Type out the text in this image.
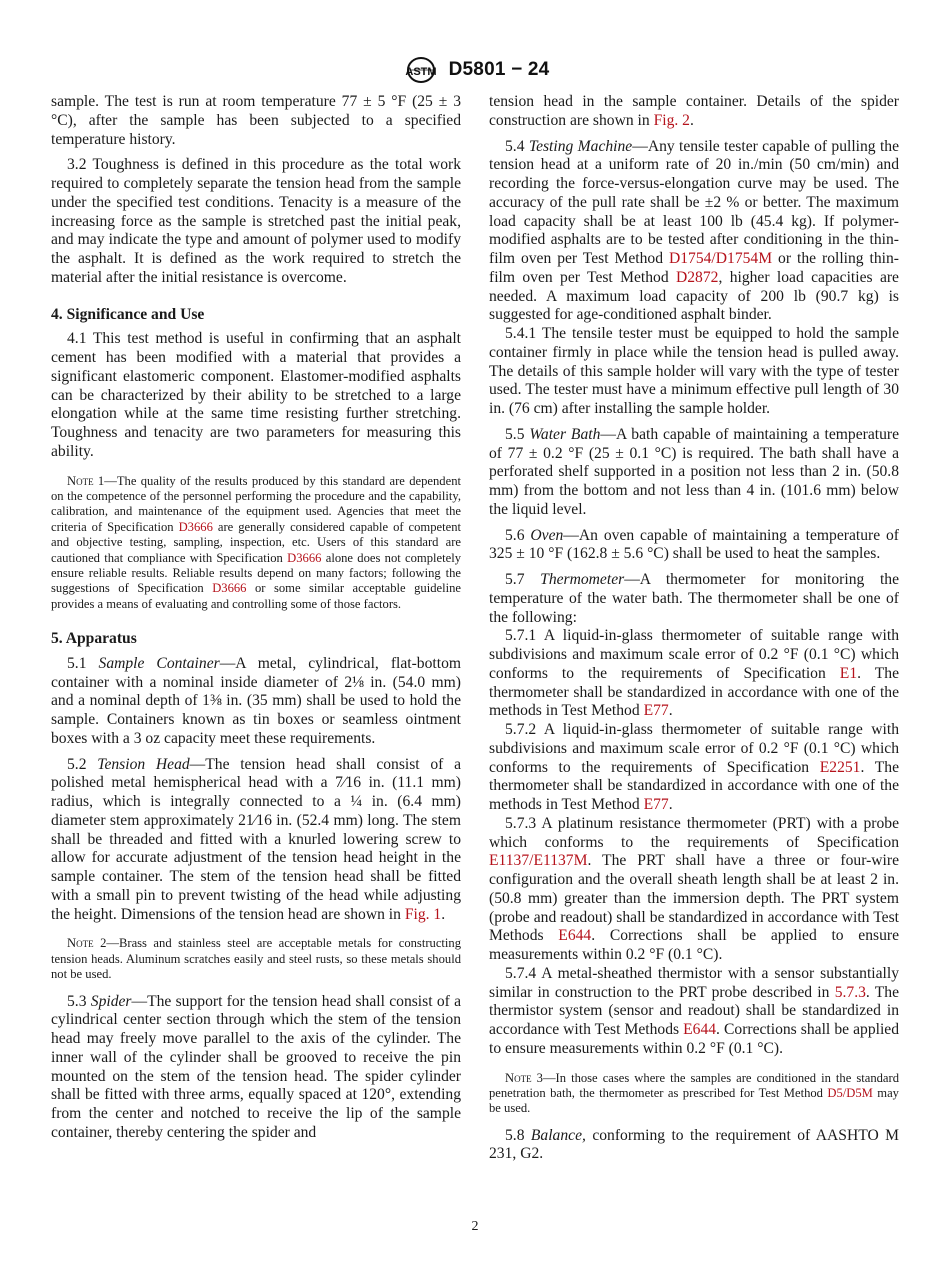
ASTM D5801 − 24

sample. The test is run at room temperature 77 ± 5 °F (25 ± 3 °C), after the sample has been subjected to a specified temperature history.

3.2 Toughness is defined in this procedure as the total work required to completely separate the tension head from the sample under the specified test conditions. Tenacity is a measure of the increasing force as the sample is stretched past the initial peak, and may indicate the type and amount of polymer used to modify the asphalt. It is defined as the work required to stretch the material after the initial resistance is overcome.

4. Significance and Use

4.1 This test method is useful in confirming that an asphalt cement has been modified with a material that provides a significant elastomeric component. Elastomer-modified asphalts can be characterized by their ability to be stretched to a large elongation while at the same time resisting further stretching. Toughness and tenacity are two parameters for measuring this ability.

Note 1—The quality of the results produced by this standard are dependent on the competence of the personnel performing the procedure and the capability, calibration, and maintenance of the equipment used. Agencies that meet the criteria of Specification D3666 are generally considered capable of competent and objective testing, sampling, inspection, etc. Users of this standard are cautioned that compliance with Specification D3666 alone does not completely ensure reliable results. Reliable results depend on many factors; following the suggestions of Specification D3666 or some similar acceptable guideline provides a means of evaluating and controlling some of those factors.

5. Apparatus

5.1 Sample Container—A metal, cylindrical, flat-bottom container with a nominal inside diameter of 2⅛ in. (54.0 mm) and a nominal depth of 1⅜ in. (35 mm) shall be used to hold the sample. Containers known as tin boxes or seamless ointment boxes with a 3 oz capacity meet these requirements.

5.2 Tension Head—The tension head shall consist of a polished metal hemispherical head with a 7⁄16 in. (11.1 mm) radius, which is integrally connected to a ¼ in. (6.4 mm) diameter stem approximately 21⁄16 in. (52.4 mm) long. The stem shall be threaded and fitted with a knurled lowering screw to allow for accurate adjustment of the tension head height in the sample container. The stem of the tension head shall be fitted with a small pin to prevent twisting of the head while adjusting the height. Dimensions of the tension head are shown in Fig. 1.

Note 2—Brass and stainless steel are acceptable metals for constructing tension heads. Aluminum scratches easily and steel rusts, so these metals should not be used.

5.3 Spider—The support for the tension head shall consist of a cylindrical center section through which the stem of the tension head may freely move parallel to the axis of the cylinder. The inner wall of the cylinder shall be grooved to receive the pin mounted on the stem of the tension head. The spider cylinder shall be fitted with three arms, equally spaced at 120°, extending from the center and notched to receive the lip of the sample container, thereby centering the spider and

tension head in the sample container. Details of the spider construction are shown in Fig. 2.

5.4 Testing Machine—Any tensile tester capable of pulling the tension head at a uniform rate of 20 in./min (50 cm/min) and recording the force-versus-elongation curve may be used. The accuracy of the pull rate shall be ±2 % or better. The maximum load capacity shall be at least 100 lb (45.4 kg). If polymer-modified asphalts are to be tested after conditioning in the thin-film oven per Test Method D1754/D1754M or the rolling thin-film oven per Test Method D2872, higher load capacities are needed. A maximum load capacity of 200 lb (90.7 kg) is suggested for age-conditioned asphalt binder.

5.4.1 The tensile tester must be equipped to hold the sample container firmly in place while the tension head is pulled away. The details of this sample holder will vary with the type of tester used. The tester must have a minimum effective pull length of 30 in. (76 cm) after installing the sample holder.

5.5 Water Bath—A bath capable of maintaining a temperature of 77 ± 0.2 °F (25 ± 0.1 °C) is required. The bath shall have a perforated shelf supported in a position not less than 2 in. (50.8 mm) from the bottom and not less than 4 in. (101.6 mm) below the liquid level.

5.6 Oven—An oven capable of maintaining a temperature of 325 ± 10 °F (162.8 ± 5.6 °C) shall be used to heat the samples.

5.7 Thermometer—A thermometer for monitoring the temperature of the water bath. The thermometer shall be one of the following:

5.7.1 A liquid-in-glass thermometer of suitable range with subdivisions and maximum scale error of 0.2 °F (0.1 °C) which conforms to the requirements of Specification E1. The thermometer shall be standardized in accordance with one of the methods in Test Method E77.

5.7.2 A liquid-in-glass thermometer of suitable range with subdivisions and maximum scale error of 0.2 °F (0.1 °C) which conforms to the requirements of Specification E2251. The thermometer shall be standardized in accordance with one of the methods in Test Method E77.

5.7.3 A platinum resistance thermometer (PRT) with a probe which conforms to the requirements of Specification E1137/E1137M. The PRT shall have a three or four-wire configuration and the overall sheath length shall be at least 2 in. (50.8 mm) greater than the immersion depth. The PRT system (probe and readout) shall be standardized in accordance with Test Methods E644. Corrections shall be applied to ensure measurements within 0.2 °F (0.1 °C).

5.7.4 A metal-sheathed thermistor with a sensor substantially similar in construction to the PRT probe described in 5.7.3. The thermistor system (sensor and readout) shall be standardized in accordance with Test Methods E644. Corrections shall be applied to ensure measurements within 0.2 °F (0.1 °C).

Note 3—In those cases where the samples are conditioned in the standard penetration bath, the thermometer as prescribed for Test Method D5/D5M may be used.

5.8 Balance, conforming to the requirement of AASHTO M 231, G2.

2
